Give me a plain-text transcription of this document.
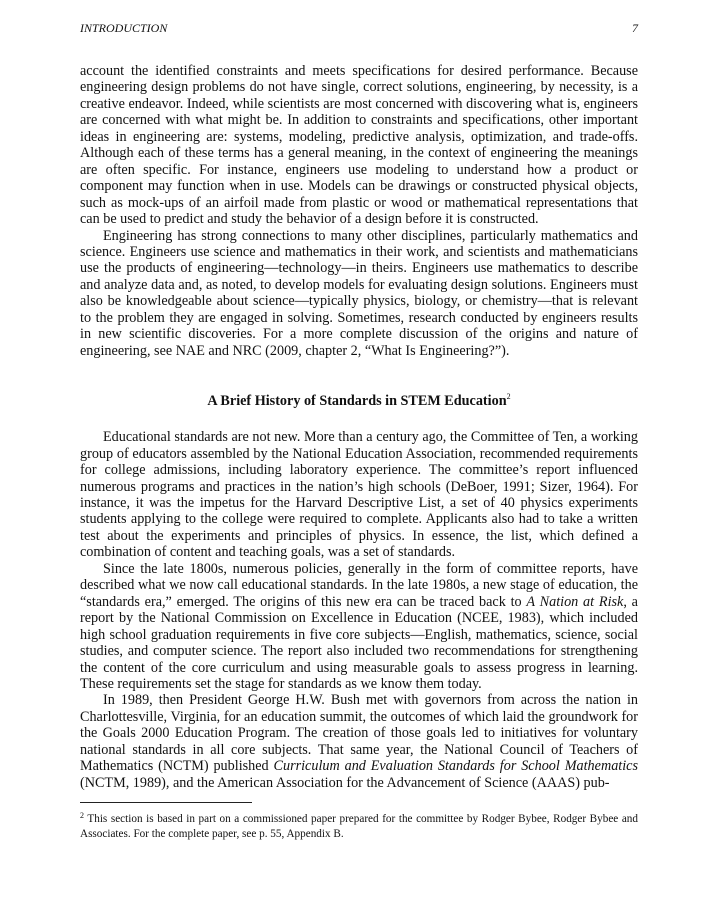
INTRODUCTION	7

account the identified constraints and meets specifications for desired performance. Because engineering design problems do not have single, correct solutions, engineering, by necessity, is a creative endeavor. Indeed, while scientists are most concerned with discovering what is, engineers are concerned with what might be. In addition to constraints and specifications, other important ideas in engineering are: systems, modeling, predictive analysis, optimization, and trade-offs. Although each of these terms has a general meaning, in the context of engineering the meanings are often specific. For instance, engineers use modeling to understand how a product or component may function when in use. Models can be drawings or constructed physical objects, such as mock-ups of an airfoil made from plastic or wood or mathematical representations that can be used to predict and study the behavior of a design before it is constructed.

Engineering has strong connections to many other disciplines, particularly mathematics and science. Engineers use science and mathematics in their work, and scientists and mathematicians use the products of engineering—technology—in theirs. Engineers use mathematics to describe and analyze data and, as noted, to develop models for evaluating design solutions. Engineers must also be knowledgeable about science—typically physics, biology, or chemistry—that is relevant to the problem they are engaged in solving. Sometimes, research conducted by engineers results in new scientific discoveries. For a more complete discussion of the origins and nature of engineering, see NAE and NRC (2009, chapter 2, “What Is Engineering?”).

A Brief History of Standards in STEM Education$^2$

Educational standards are not new. More than a century ago, the Committee of Ten, a working group of educators assembled by the National Education Association, recommended requirements for college admissions, including laboratory experience. The committee’s report influenced numerous programs and practices in the nation’s high schools (DeBoer, 1991; Sizer, 1964). For instance, it was the impetus for the Harvard Descriptive List, a set of 40 physics experiments students applying to the college were required to complete. Applicants also had to take a written test about the experiments and principles of physics. In essence, the list, which defined a combination of content and teaching goals, was a set of standards.

Since the late 1800s, numerous policies, generally in the form of committee reports, have described what we now call educational standards. In the late 1980s, a new stage of education, the “standards era,” emerged. The origins of this new era can be traced back to A Nation at Risk, a report by the National Commission on Excellence in Education (NCEE, 1983), which included high school graduation requirements in five core subjects—English, mathematics, science, social studies, and computer science. The report also included two recommendations for strengthening the content of the core curriculum and using measurable goals to assess progress in learning. These requirements set the stage for standards as we know them today.

In 1989, then President George H.W. Bush met with governors from across the nation in Charlottesville, Virginia, for an education summit, the outcomes of which laid the groundwork for the Goals 2000 Education Program. The creation of those goals led to initiatives for voluntary national standards in all core subjects. That same year, the National Council of Teachers of Mathematics (NCTM) published Curriculum and Evaluation Standards for School Mathematics (NCTM, 1989), and the American Association for the Advancement of Science (AAAS) pub-

$^2$ This section is based in part on a commissioned paper prepared for the committee by Rodger Bybee, Rodger Bybee and Associates. For the complete paper, see p. 55, Appendix B.
